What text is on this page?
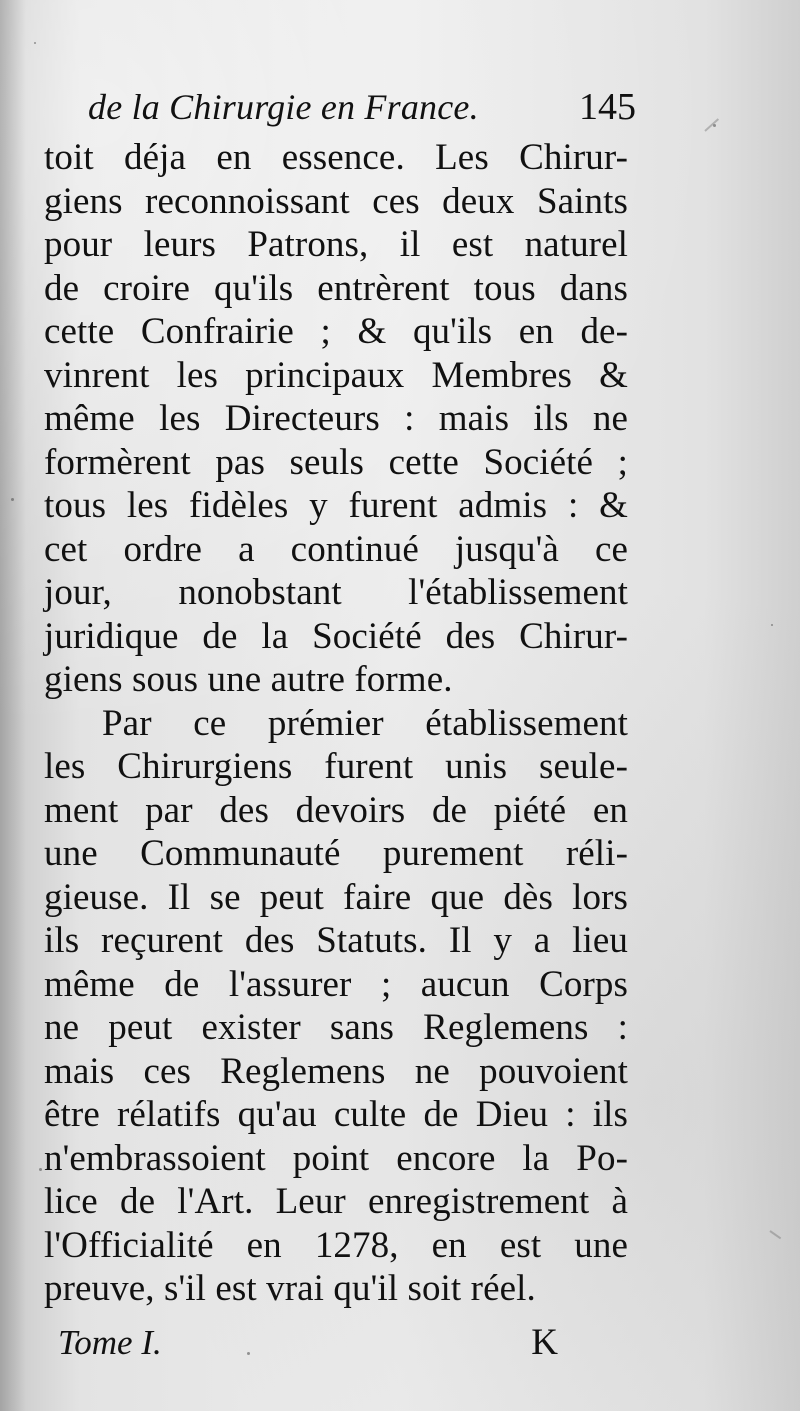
de la Chirurgie en France.	145
toit déja en essence. Les Chirur-
giens reconnoissant ces deux Saints
pour leurs Patrons, il est naturel
de croire qu'ils entrèrent tous dans
cette Confrairie ; & qu'ils en de-
vinrent les principaux Membres &
même les Directeurs : mais ils ne
formèrent pas seuls cette Société ;
tous les fidèles y furent admis : &
cet ordre a continué jusqu'à ce
jour, nonobstant l'établissement
juridique de la Société des Chirur-
giens sous une autre forme.
Par ce prémier établissement
les Chirurgiens furent unis seule-
ment par des devoirs de piété en
une Communauté purement réli-
gieuse. Il se peut faire que dès lors
ils reçurent des Statuts. Il y a lieu
même de l'assurer ; aucun Corps
ne peut exister sans Reglemens :
mais ces Reglemens ne pouvoient
être rélatifs qu'au culte de Dieu : ils
n'embrassoient point encore la Po-
lice de l'Art. Leur enregistrement à
l'Officialité en 1278, en est une
preuve, s'il est vrai qu'il soit réel.
Tome I.	K
